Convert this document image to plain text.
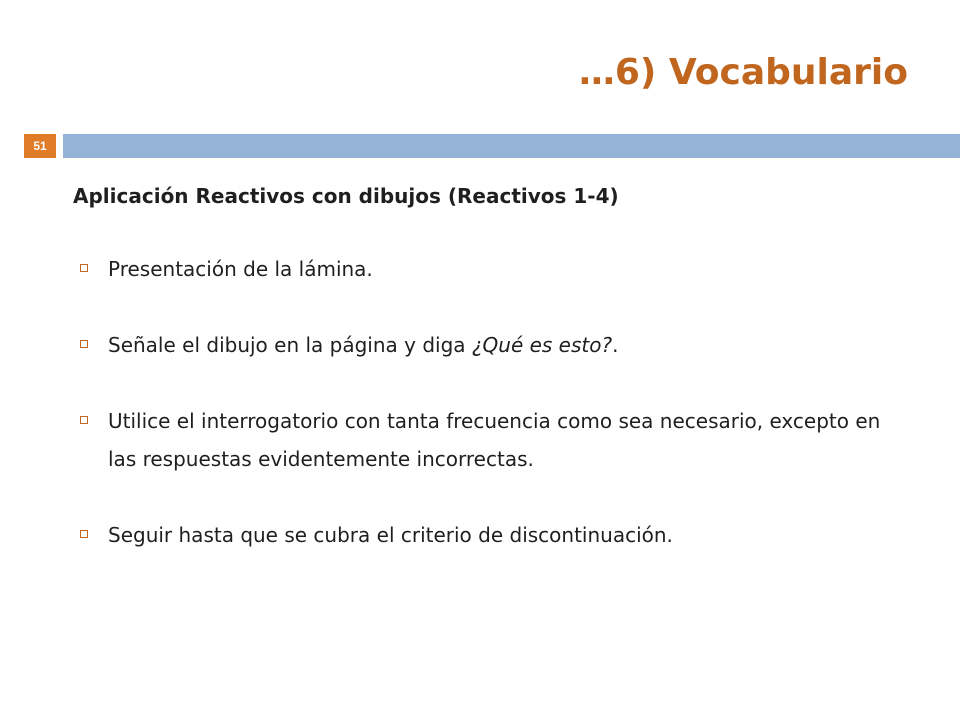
…6) Vocabulario
51
Aplicación Reactivos con dibujos (Reactivos 1-4)
Presentación de la lámina.
Señale el dibujo en la página y diga ¿Qué es esto?.
Utilice el interrogatorio con tanta frecuencia como sea necesario, excepto en las respuestas evidentemente incorrectas.
Seguir hasta que se cubra el criterio de discontinuación.
